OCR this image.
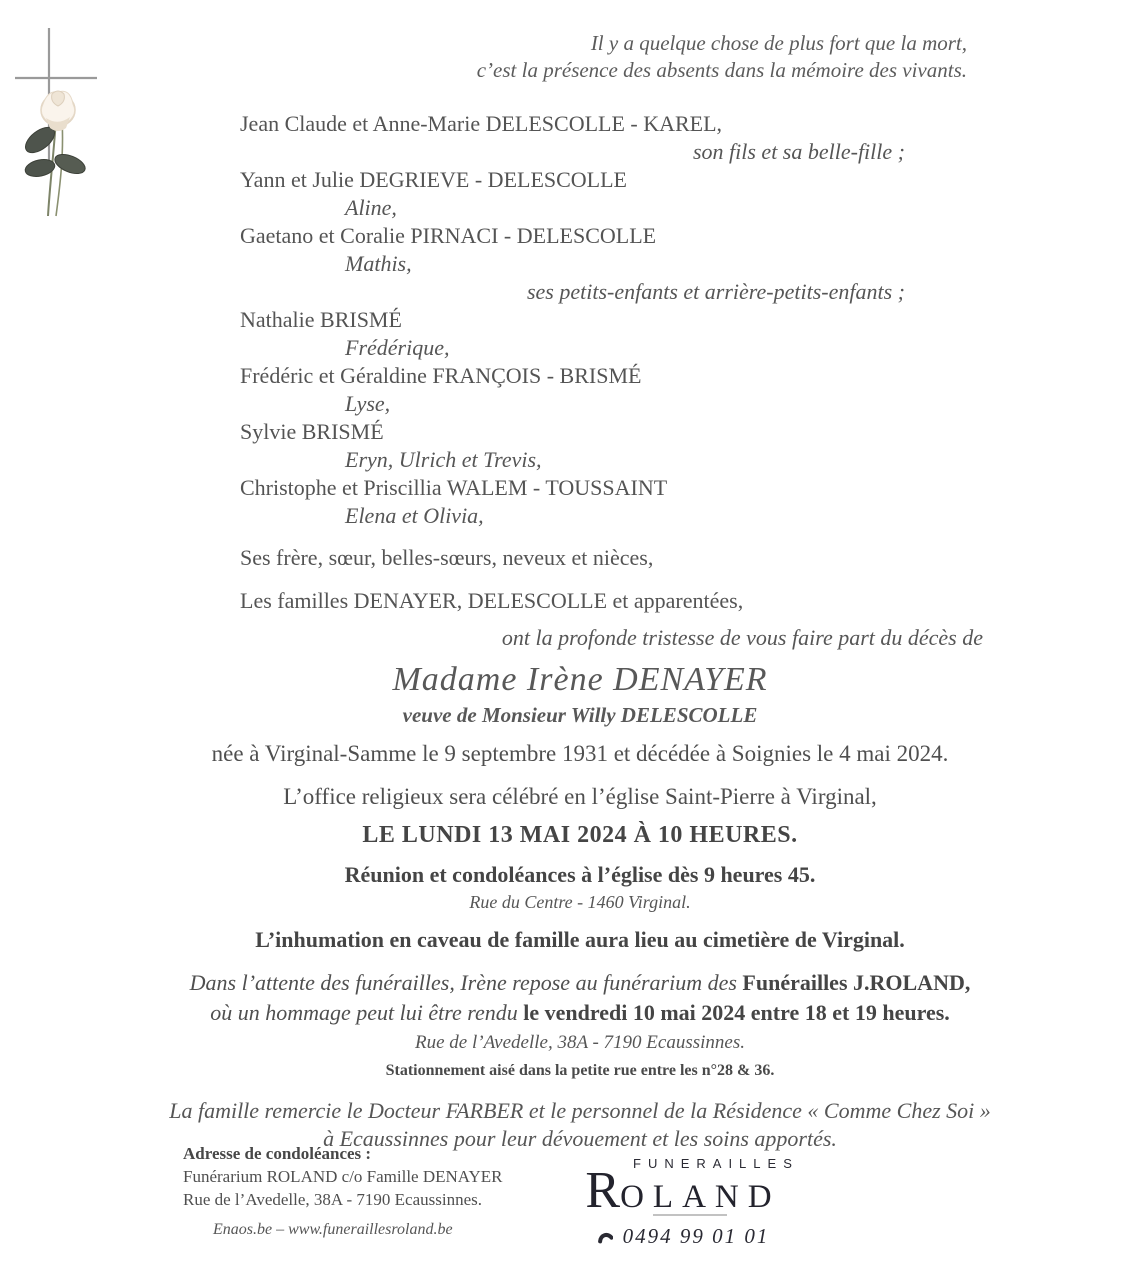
Il y a quelque chose de plus fort que la mort,
c’est la présence des absents dans la mémoire des vivants.
Jean Claude et Anne-Marie DELESCOLLE - KAREL,
son fils et sa belle-fille ;
Yann et Julie DEGRIEVE - DELESCOLLE
Aline,
Gaetano et Coralie PIRNACI - DELESCOLLE
Mathis,
ses petits-enfants et arrière-petits-enfants ;
Nathalie BRISMÉ
Frédérique,
Frédéric et Géraldine FRANÇOIS - BRISMÉ
Lyse,
Sylvie BRISMÉ
Eryn, Ulrich et Trevis,
Christophe et Priscillia WALEM - TOUSSAINT
Elena et Olivia,
Ses frère, sœur, belles-sœurs, neveux et nièces,
Les familles DENAYER, DELESCOLLE et apparentées,
ont la profonde tristesse de vous faire part du décès de
Madame Irène DENAYER
veuve de Monsieur Willy DELESCOLLE
née à Virginal-Samme le 9 septembre 1931 et décédée à Soignies le 4 mai 2024.
L’office religieux sera célébré en l’église Saint-Pierre à Virginal,
LE LUNDI 13 MAI 2024 À 10 HEURES.
Réunion et condoléances à l’église dès 9 heures 45.
Rue du Centre - 1460 Virginal.
L’inhumation en caveau de famille aura lieu au cimetière de Virginal.
Dans l’attente des funérailles, Irène repose au funérarium des Funérailles J.ROLAND,
où un hommage peut lui être rendu le vendredi 10 mai 2024 entre 18 et 19 heures.
Rue de l’Avedelle, 38A - 7190 Ecaussinnes.
Stationnement aisé dans la petite rue entre les n°28 & 36.
La famille remercie le Docteur FARBER et le personnel de la Résidence « Comme Chez Soi »
à Ecaussinnes pour leur dévouement et les soins apportés.
Adresse de condoléances :
Funérarium ROLAND c/o Famille DENAYER
Rue de l’Avedelle, 38A - 7190 Ecaussinnes.
Enaos.be – www.funeraillesroland.be
FUNERAILLES
ROLAND
0494 99 01 01
